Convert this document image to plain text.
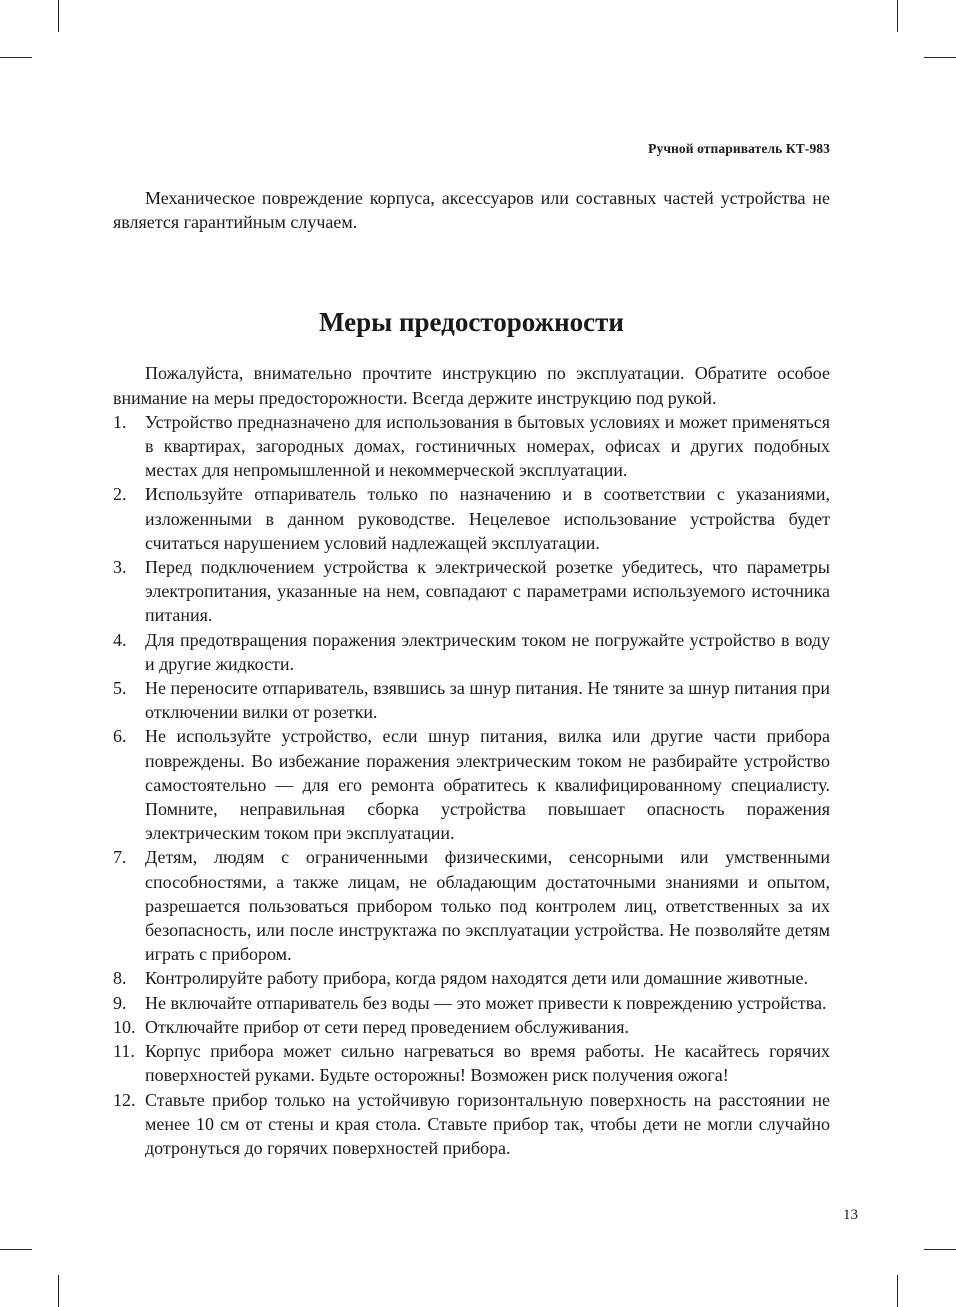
Ручной отпариватель КТ-983

Механическое повреждение корпуса, аксессуаров или составных частей устройства не является гарантийным случаем.

Меры предосторожности

Пожалуйста, внимательно прочтите инструкцию по эксплуатации. Обратите особое внимание на меры предосторожности. Всегда держите инструкцию под рукой.

1.	Устройство предназначено для использования в бытовых условиях и может применяться в квартирах, загородных домах, гостиничных номерах, офисах и других подобных местах для непромышленной и некоммерческой эксплуатации.
2.	Используйте отпариватель только по назначению и в соответствии с указаниями, изложенными в данном руководстве. Нецелевое использование устройства будет считаться нарушением условий надлежащей эксплуатации.
3.	Перед подключением устройства к электрической розетке убедитесь, что параметры электропитания, указанные на нем, совпадают с параметрами используемого источника питания.
4.	Для предотвращения поражения электрическим током не погружайте устройство в воду и другие жидкости.
5.	Не переносите отпариватель, взявшись за шнур питания. Не тяните за шнур питания при отключении вилки от розетки.
6.	Не используйте устройство, если шнур питания, вилка или другие части прибора повреждены. Во избежание поражения электрическим током не разбирайте устройство самостоятельно — для его ремонта обратитесь к квалифицированному специалисту. Помните, неправильная сборка устройства повышает опасность поражения электрическим током при эксплуатации.
7.	Детям, людям с ограниченными физическими, сенсорными или умственными способностями, а также лицам, не обладающим достаточными знаниями и опытом, разрешается пользоваться прибором только под контролем лиц, ответственных за их безопасность, или после инструктажа по эксплуатации устройства. Не позволяйте детям играть с прибором.
8.	Контролируйте работу прибора, когда рядом находятся дети или домашние животные.
9.	Не включайте отпариватель без воды — это может привести к повреждению устройства.
10. Отключайте прибор от сети перед проведением обслуживания.
11. Корпус прибора может сильно нагреваться во время работы. Не касайтесь горячих поверхностей руками. Будьте осторожны! Возможен риск получения ожога!
12. Ставьте прибор только на устойчивую горизонтальную поверхность на расстоянии не менее 10 см от стены и края стола. Ставьте прибор так, чтобы дети не могли случайно дотронуться до горячих поверхностей прибора.
13
